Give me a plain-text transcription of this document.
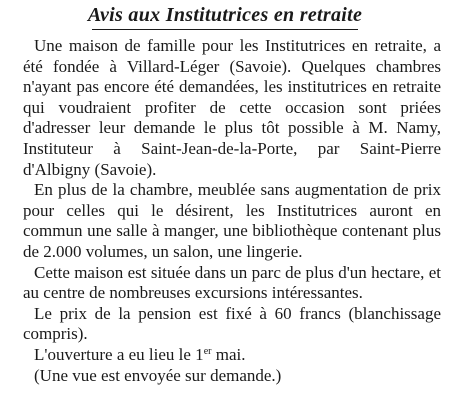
Avis aux Institutrices en retraite

Une maison de famille pour les Institutrices en retraite, a été fondée à Villard-Léger (Savoie). Quelques chambres n'ayant pas encore été demandées, les institutrices en retraite qui voudraient profiter de cette occasion sont priées d'adresser leur demande le plus tôt possible à M. Namy, Instituteur à Saint-Jean-de-la-Porte, par Saint-Pierre d'Albigny (Savoie).

En plus de la chambre, meublée sans augmentation de prix pour celles qui le désirent, les Institutrices auront en commun une salle à manger, une bibliothèque contenant plus de 2.000 volumes, un salon, une lingerie.

Cette maison est située dans un parc de plus d'un hectare, et au centre de nombreuses excursions intéressantes.

Le prix de la pension est fixé à 60 francs (blanchissage compris).

L'ouverture a eu lieu le 1er mai.

(Une vue est envoyée sur demande.)
